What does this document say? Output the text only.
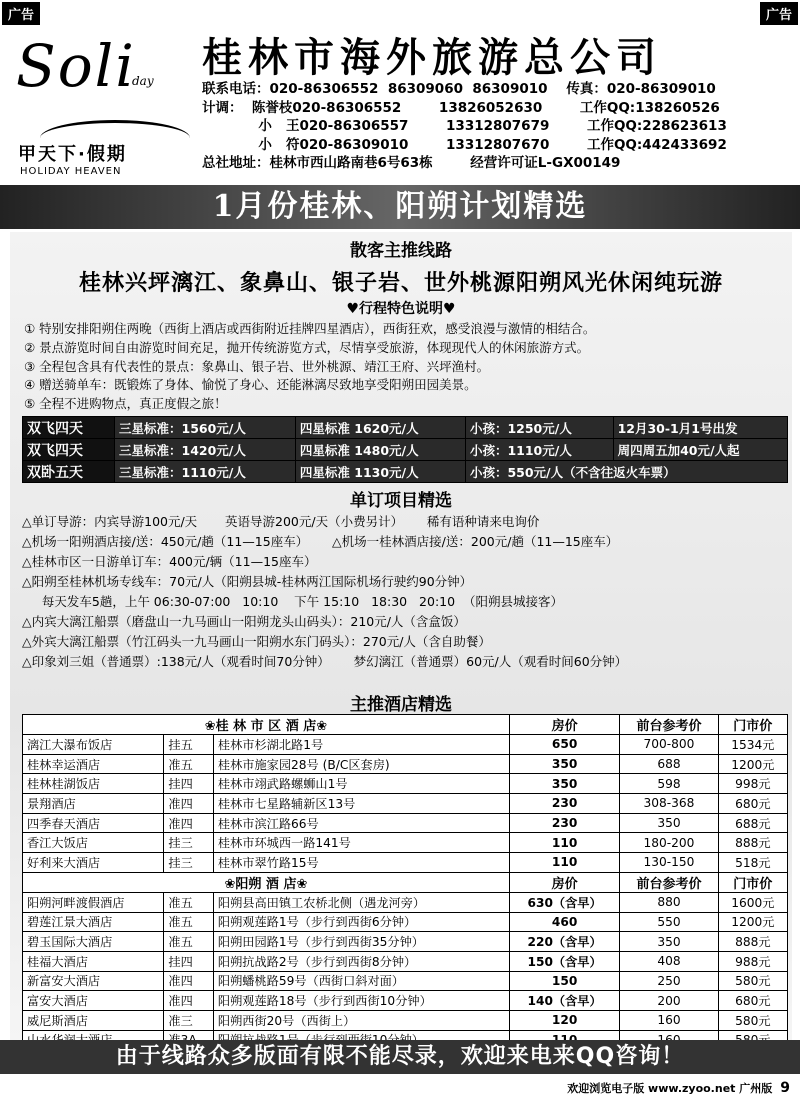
广告	广告
Soli
day
甲天下·假期
HOLIDAY HEAVEN
桂林市海外旅游总公司
联系电话：020-86306552  86309060  86309010    传真：020-86309010
计调：  陈誉枝020-86306552        13826052630        工作QQ:138260526
小   王020-86306557        13312807679        工作QQ:228623613
小   符020-86309010        13312807670        工作QQ:442433692
总社地址：桂林市西山路南巷6号63栋        经营许可证L-GX00149
1月份桂林、阳朔计划精选
散客主推线路
桂林兴坪漓江、象鼻山、银子岩、世外桃源阳朔风光休闲纯玩游
♥行程特色说明♥
① 特别安排阳朔住两晚（西街上酒店或西街附近挂牌四星酒店），西街狂欢，感受浪漫与激情的相结合。
② 景点游览时间自由游览时间充足，抛开传统游览方式，尽情享受旅游，体现现代人的休闲旅游方式。
③ 全程包含具有代表性的景点：象鼻山、银子岩、世外桃源、靖江王府、兴坪渔村。
④ 赠送骑单车：既锻炼了身体、愉悦了身心、还能淋漓尽致地享受阳朔田园美景。
⑤ 全程不进购物点，真正度假之旅！
双飞四天	三星标准：1560元/人	四星标准 1620元/人	小孩：1250元/人	12月30-1月1号出发
双飞四天	三星标准：1420元/人	四星标准 1480元/人	小孩：1110元/人	周四周五加40元/人起
双卧五天	三星标准：1110元/人	四星标准 1130元/人	小孩：550元/人（不含往返火车票）	
单订项目精选
△单订导游：内宾导游100元/天       英语导游200元/天（小费另计）      稀有语种请来电询价
△机场一阳朔酒店接/送：450元/趟（11—15座车）      △机场一桂林酒店接/送：200元/趟（11—15座车）
△桂林市区一日游单订车：400元/辆（11—15座车）
△阳朔至桂林机场专线车：70元/人（阳朔县城-桂林两江国际机场行驶约90分钟）
每天发车5趟，上午 06:30-07:00   10:10    下午 15:10   18:30   20:10  （阳朔县城接客）
△内宾大漓江船票（磨盘山一九马画山一阳朔龙头山码头）：210元/人（含盒饭）
△外宾大漓江船票（竹江码头一九马画山一阳朔水东门码头）：270元/人（含自助餐）
△印象刘三姐（普通票）:138元/人（观看时间70分钟）      梦幻漓江（普通票）60元/人（观看时间60分钟）
主推酒店精选
❀桂 林 市 区 酒 店❀			房价	前台参考价	门市价
漓江大瀑布饭店	挂五	桂林市杉湖北路1号	650	700-800	1534元
桂林幸运酒店	准五	桂林市施家园28号 (B/C区套房)	350	688	1200元
桂林桂湖饭店	挂四	桂林市翊武路螺蛳山1号	350	598	998元
景翔酒店	准四	桂林市七星路辅新区13号	230	308-368	680元
四季春天酒店	准四	桂林市滨江路66号	230	350	688元
香江大饭店	挂三	桂林市环城西一路141号	110	180-200	888元
好利来大酒店	挂三	桂林市翠竹路15号	110	130-150	518元
❀阳朔 酒 店❀			房价	前台参考价	门市价
阳朔河畔渡假酒店	准五	阳朔县高田镇工农桥北侧（遇龙河旁）	630（含早）	880	1600元
碧莲江景大酒店	准五	阳朔观莲路1号（步行到西街6分钟）	460	550	1200元
碧玉国际大酒店	准五	阳朔田园路1号（步行到西街35分钟）	220（含早）	350	888元
桂福大酒店	挂四	阳朔抗战路2号（步行到西街8分钟）	150（含早）	408	988元
新富安大酒店	准四	阳朔蟠桃路59号（西街口斜对面）	150	250	580元
富安大酒店	准四	阳朔观莲路18号（步行到西街10分钟）	140（含早）	200	680元
威尼斯酒店	准三	阳朔西街20号（西街上）	120	160	580元

由于线路众多版面有限不能尽录，欢迎来电来QQ咨询！
欢迎浏览电子版 www.zyoo.net 广州版 9
